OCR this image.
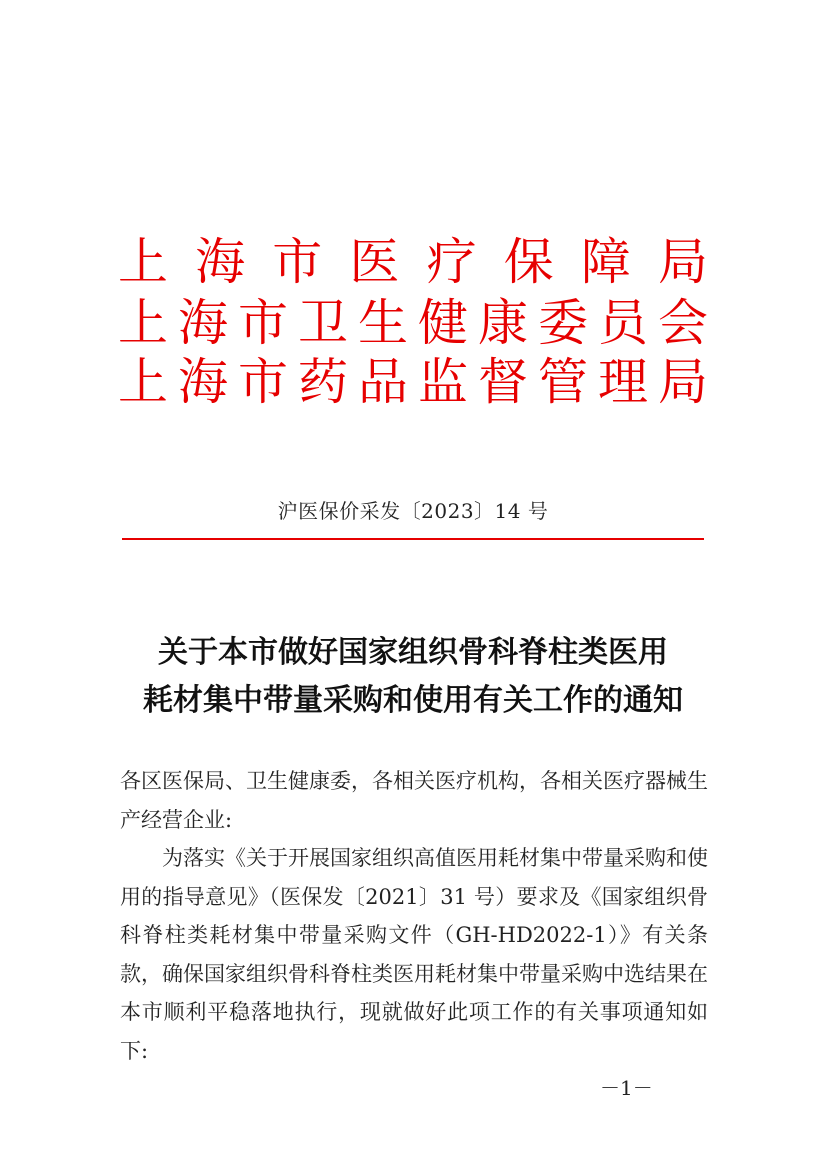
上 海 市 医 疗 保 障 局
上 海 市 卫 生 健 康 委 员 会
上 海 市 药 品 监 督 管 理 局
沪医保价采发〔2023〕14 号
关于本市做好国家组织骨科脊柱类医用
耗材集中带量采购和使用有关工作的通知
各区医保局、卫生健康委，各相关医疗机构，各相关医疗器械生产经营企业:
为落实《关于开展国家组织高值医用耗材集中带量采购和使用的指导意见》（医保发〔2021〕31 号）要求及《国家组织骨科脊柱类耗材集中带量采购文件（GH-HD2022-1）》有关条款，确保国家组织骨科脊柱类医用耗材集中带量采购中选结果在本市顺利平稳落地执行，现就做好此项工作的有关事项通知如下:
－1－
